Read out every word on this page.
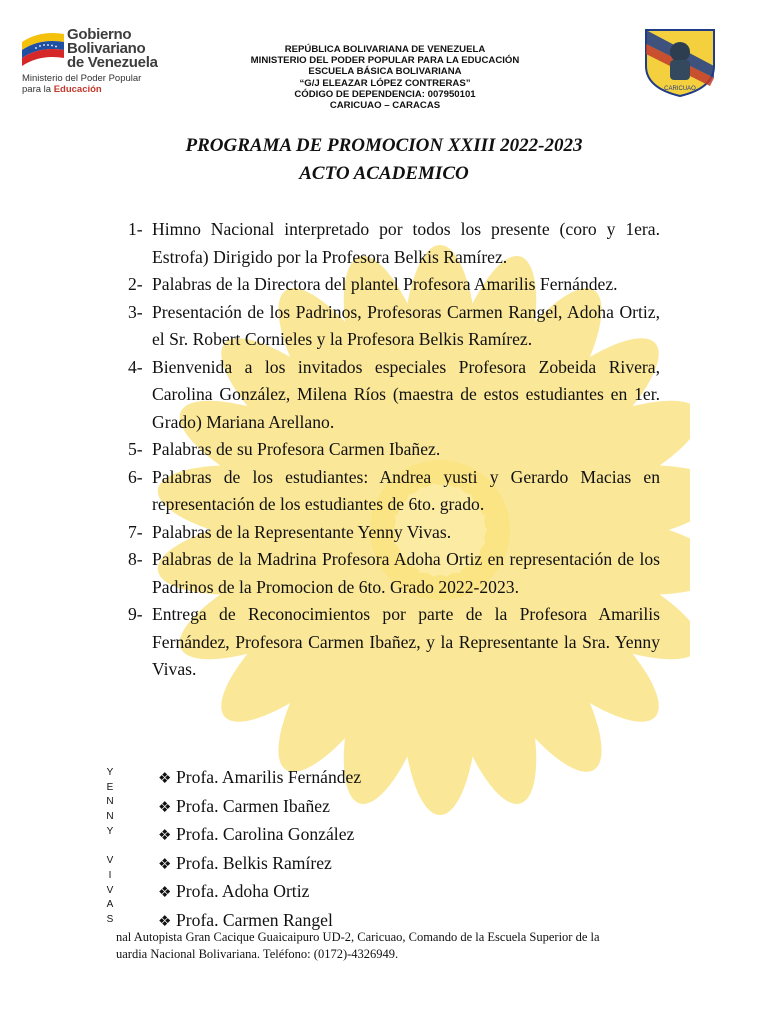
Gobierno
Bolivariano
de Venezuela
Ministerio del Poder Popular
para la Educación
REPÚBLICA BOLIVARIANA DE VENEZUELA
MINISTERIO DEL PODER POPULAR PARA LA EDUCACIÓN
ESCUELA BÁSICA BOLIVARIANA
“G/J ELEAZAR LÓPEZ CONTRERAS”
CÓDIGO DE DEPENDENCIA: 007950101
CARICUAO – CARACAS
CARICUAO
PROGRAMA DE PROMOCION XXIII 2022-2023
ACTO ACADEMICO
1- Himno Nacional interpretado por todos los presente (coro y 1era. Estrofa) Dirigido por la Profesora Belkis Ramírez.
2- Palabras de la Directora del plantel Profesora Amarilis Fernández.
3- Presentación de los Padrinos, Profesoras Carmen Rangel, Adoha Ortiz, el Sr. Robert Cornieles y la Profesora Belkis Ramírez.
4- Bienvenida a los invitados especiales Profesora Zobeida Rivera, Carolina González, Milena Ríos (maestra de estos estudiantes en 1er. Grado) Mariana Arellano.
5- Palabras de su Profesora Carmen Ibañez.
6- Palabras de los estudiantes: Andrea yusti y Gerardo Macias en representación de los estudiantes de 6to. grado.
7- Palabras de la Representante Yenny Vivas.
8- Palabras de la Madrina Profesora Adoha Ortiz en representación de los Padrinos de la Promocion de 6to. Grado 2022-2023.
9- Entrega de Reconocimientos por parte de la Profesora Amarilis Fernández, Profesora Carmen Ibañez, y la Representante la Sra. Yenny Vivas.
❖ Profa. Amarilis Fernández
❖ Profa. Carmen Ibañez
❖ Profa. Carolina González
❖ Profa. Belkis Ramírez
❖ Profa. Adoha Ortiz
❖ Profa. Carmen Rangel
Y
E
N
N
Y

V
I
V
A
S
nal Autopista Gran Cacique Guaicaipuro UD-2, Caricuao, Comando de la Escuela Superior de la
uardia Nacional Bolivariana. Teléfono: (0172)-4326949.
